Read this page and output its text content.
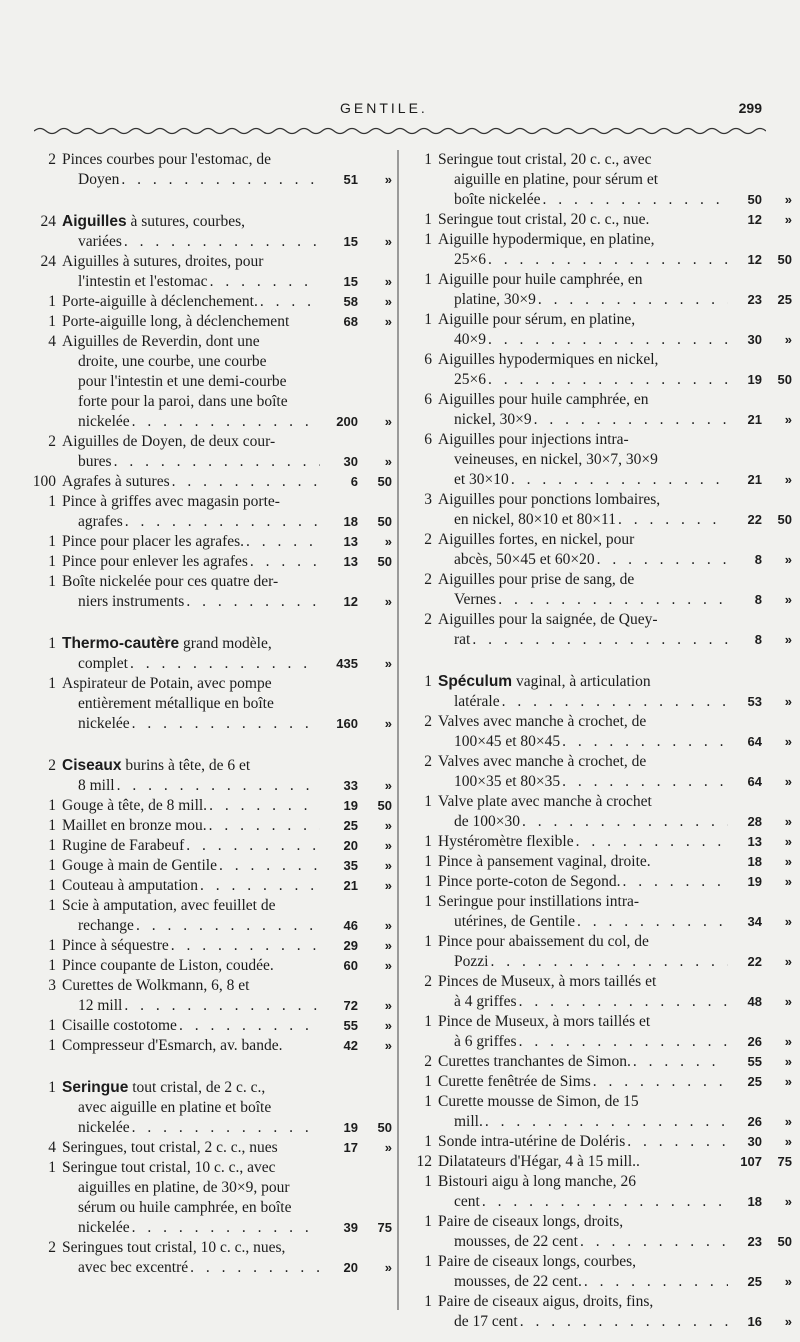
GENTILE.	299
2 Pinces courbes pour l'estomac, de
Doyen . . .	51	»
24 Aiguilles
à sutures, courbes,
variées . . .	15	»
24 Aiguilles à sutures, droites, pour
l'intestin et l'estomac . . .	15	»
1 Porte-aiguille à déclenchement. . . .	58	»
1 Porte-aiguille long, à déclenchement	68	»
4 Aiguilles de Reverdin, dont une
droite, une courbe, une courbe
pour l'intestin et une demi-courbe
forte pour la paroi, dans une boîte
nickelée . . .	200	»
2 Aiguilles de Doyen, de deux cour-
bures . . .	30	»
100 Agrafes à sutures . . .	6	50
1 Pince à griffes avec magasin porte-
agrafes . . .	18	50
1 Pince pour placer les agrafes. . . .	13	»
1 Pince pour enlever les agrafes . . .	13	50
1 Boîte nickelée pour ces quatre der-
niers instruments . . .	12	»
1 Thermo-cautère
grand modèle,
complet . . .	435	»
1 Aspirateur de Potain, avec pompe
entièrement métallique en boîte
nickelée . . .	160	»
2 Ciseaux
burins à tête, de 6 et
8 mill . . .	33	»
1 Gouge à tête, de 8 mill. . . .	19	50
1 Maillet en bronze mou. . . .	25	»
1 Rugine de Farabeuf . . .	20	»
1 Gouge à main de Gentile . . .	35	»
1 Couteau à amputation . . .	21	»
1 Scie à amputation, avec feuillet de
rechange . . .	46	»
1 Pince à séquestre . . .	29	»
1 Pince coupante de Liston, coudée.	60	»
3 Curettes de Wolkmann, 6, 8 et
12 mill . . .	72	»
1 Cisaille costotome . . .	55	»
1 Compresseur d'Esmarch, av. bande.	42	»
1 Seringue
tout cristal, de 2 c. c.,
avec aiguille en platine et boîte
nickelée . . .	19	50
4 Seringues, tout cristal, 2 c. c., nues	17	»
1 Seringue tout cristal, 10 c. c., avec
aiguilles en platine, de 30×9, pour
sérum ou huile camphrée, en boîte
nickelée . . .	39	75
2 Seringues tout cristal, 10 c. c., nues,
avec bec excentré . . .	20	»
1 Seringue tout cristal, 20 c. c., avec
aiguille en platine, pour sérum et
boîte nickelée . . .	50	»
1 Seringue tout cristal, 20 c. c., nue.	12	»
1 Aiguille hypodermique, en platine,
25×6 . . .	12	50
1 Aiguille pour huile camphrée, en
platine, 30×9 . . .	23	25
1 Aiguille pour sérum, en platine,
40×9 . . .	30	»
6 Aiguilles hypodermiques en nickel,
25×6 . . .	19	50
6 Aiguilles pour huile camphrée, en
nickel, 30×9 . . .	21	»
6 Aiguilles pour injections intra-
veineuses, en nickel, 30×7, 30×9
et 30×10 . . .	21	»
3 Aiguilles pour ponctions lombaires,
en nickel, 80×10 et 80×11 . . .	22	50
2 Aiguilles fortes, en nickel, pour
abcès, 50×45 et 60×20 . . .	8	»
2 Aiguilles pour prise de sang, de
Vernes . . .	8	»
2 Aiguilles pour la saignée, de Quey-
rat . . .	8	»
1 Spéculum
vaginal, à articulation
latérale . . .	53	»
2 Valves avec manche à crochet, de
100×45 et 80×45 . . .	64	»
2 Valves avec manche à crochet, de
100×35 et 80×35 . . .	64	»
1 Valve plate avec manche à crochet
de 100×30 . . .	28	»
1 Hystéromètre flexible . . .	13	»
1 Pince à pansement vaginal, droite.	18	»
1 Pince porte-coton de Segond. . . .	19	»
1 Seringue pour instillations intra-
utérines, de Gentile . . .	34	»
1 Pince pour abaissement du col, de
Pozzi . . .	22	»
2 Pinces de Museux, à mors taillés et
à 4 griffes . . .	48	»
1 Pince de Museux, à mors taillés et
à 6 griffes . . .	26	»
2 Curettes tranchantes de Simon. . . .	55	»
1 Curette fenêtrée de Sims . . .	25	»
1 Curette mousse de Simon, de 15
mill. . . .	26	»
1 Sonde intra-utérine de Doléris . . .	30	»
12 Dilatateurs d'Hégar, 4 à 15 mill..	107	75
1 Bistouri aigu à long manche, 26
cent . . .	18	»
1 Paire de ciseaux longs, droits,
mousses, de 22 cent . . .	23	50
1 Paire de ciseaux longs, courbes,
mousses, de 22 cent. . . .	25	»
1 Paire de ciseaux aigus, droits, fins,
de 17 cent . . .	16	»
